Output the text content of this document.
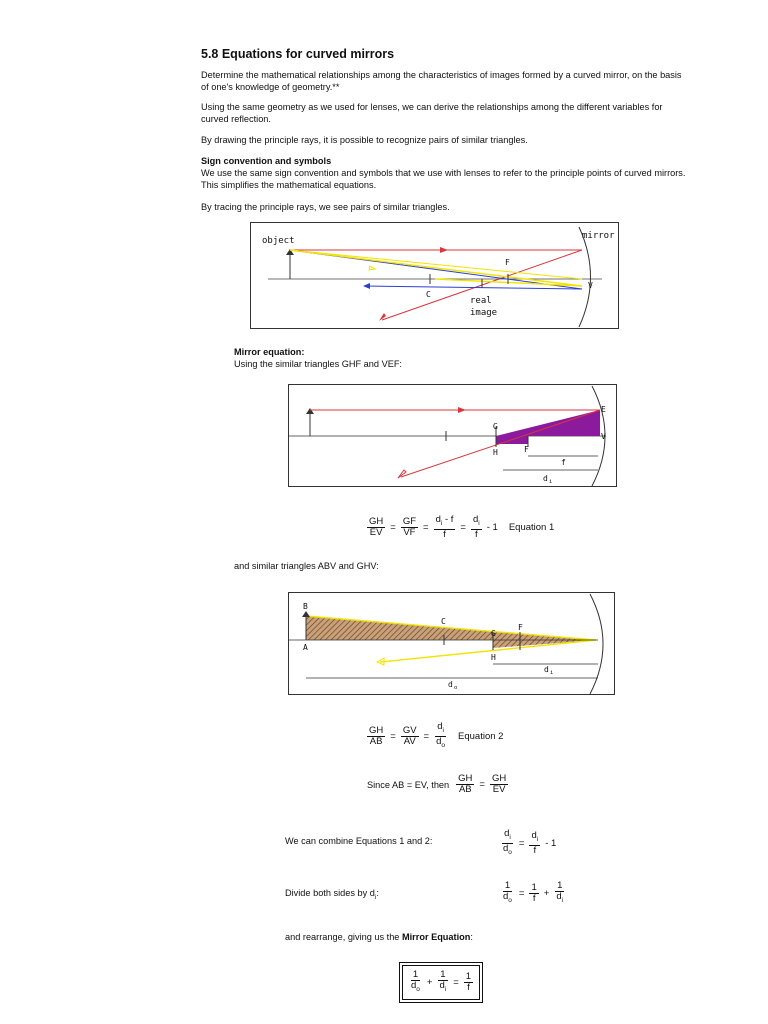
5.8 Equations for curved mirrors
Determine the mathematical relationships among the characteristics of images formed by a curved mirror, on the basis of one's knowledge of geometry.**
Using the same geometry as we used for lenses, we can derive the relationships among the different variables for curved reflection.
By drawing the principle rays, it is possible to recognize pairs of similar triangles.
Sign convention and symbols
We use the same sign convention and symbols that we use with lenses to refer to the principle points of curved mirrors. This simplifies the mathematical equations.
By tracing the principle rays, we see pairs of similar triangles.
object	mirror
F
C
V
real
image
Mirror equation:
Using the similar triangles GHF and VEF:
E
G
H	F
V
f
d i
$\frac{GH}{EV} = \frac{GF}{VF} = \frac{d_i - f}{f} = \frac{d_i}{f} - 1$ Equation 1
and similar triangles ABV and GHV:
B
A
C
G
F
H
d i
d o
$\frac{GH}{AB} = \frac{GV}{AV} = \frac{d_i}{d_o}$ Equation 2
Since AB = EV, then $\frac{GH}{AB} = \frac{GH}{EV}$
We can combine Equations 1 and 2:	$\frac{d_i}{d_o} = \frac{d_i}{f} - 1$
Divide both sides by $d_i$:	$\frac{1}{d_o} = \frac{1}{f} + \frac{1}{d_i}$
and rearrange, giving us the Mirror Equation:
$\frac{1}{d_o} + \frac{1}{d_i} = \frac{1}{f}$
